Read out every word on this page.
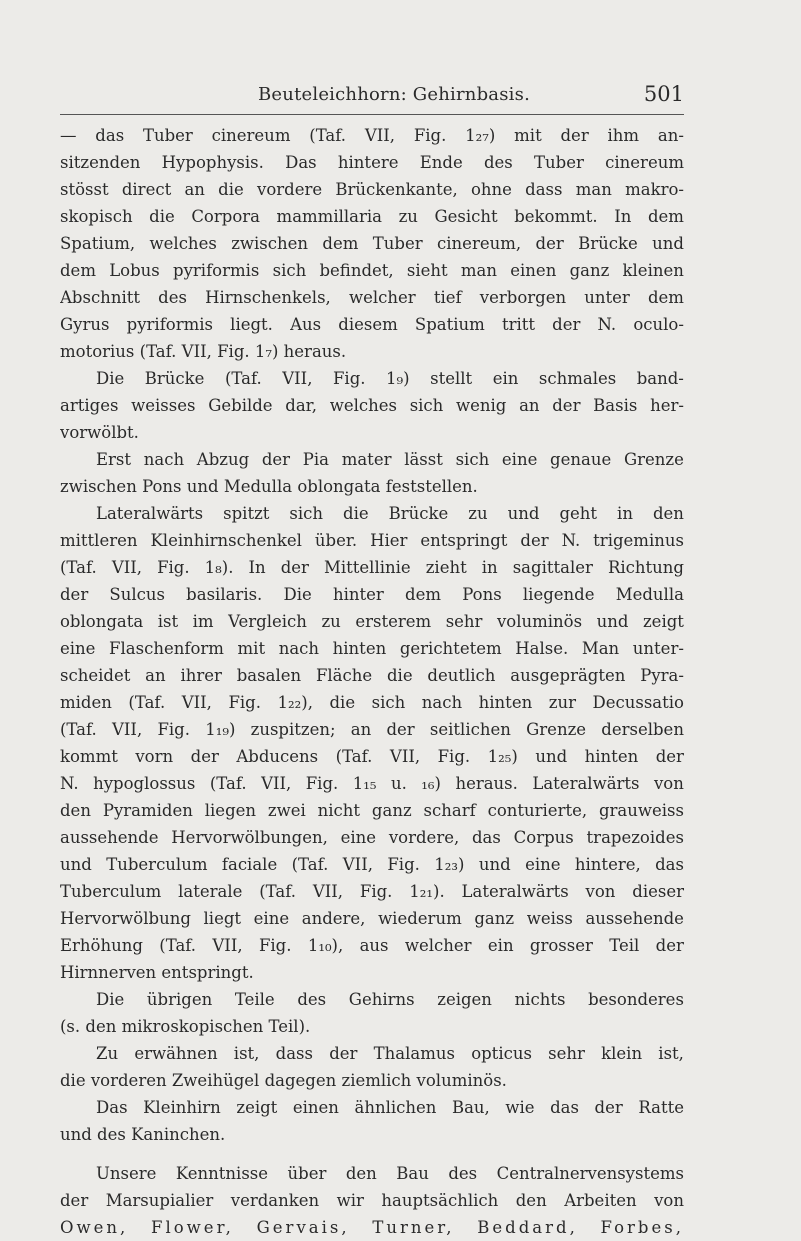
Beuteleichhorn: Gehirnbasis.	501
— das Tuber cinereum (Taf. VII, Fig. 1₂₇) mit der ihm an-
sitzenden Hypophysis. Das hintere Ende des Tuber cinereum
stösst direct an die vordere Brückenkante, ohne dass man makro-
skopisch die Corpora mammillaria zu Gesicht bekommt. In dem
Spatium, welches zwischen dem Tuber cinereum, der Brücke und
dem Lobus pyriformis sich befindet, sieht man einen ganz kleinen
Abschnitt des Hirnschenkels, welcher tief verborgen unter dem
Gyrus pyriformis liegt. Aus diesem Spatium tritt der N. oculo-
motorius (Taf. VII, Fig. 1₇) heraus.
Die Brücke (Taf. VII, Fig. 1₉) stellt ein schmales band-
artiges weisses Gebilde dar, welches sich wenig an der Basis her-
vorwölbt.
Erst nach Abzug der Pia mater lässt sich eine genaue Grenze
zwischen Pons und Medulla oblongata feststellen.
Lateralwärts spitzt sich die Brücke zu und geht in den
mittleren Kleinhirnschenkel über. Hier entspringt der N. trigeminus
(Taf. VII, Fig. 1₈). In der Mittellinie zieht in sagittaler Richtung
der Sulcus basilaris. Die hinter dem Pons liegende Medulla
oblongata ist im Vergleich zu ersterem sehr voluminös und zeigt
eine Flaschenform mit nach hinten gerichtetem Halse. Man unter-
scheidet an ihrer basalen Fläche die deutlich ausgeprägten Pyra-
miden (Taf. VII, Fig. 1₂₂), die sich nach hinten zur Decussatio
(Taf. VII, Fig. 1₁₉) zuspitzen; an der seitlichen Grenze derselben
kommt vorn der Abducens (Taf. VII, Fig. 1₂₅) und hinten der
N. hypoglossus (Taf. VII, Fig. 1₁₅ u. ₁₆) heraus. Lateralwärts von
den Pyramiden liegen zwei nicht ganz scharf conturierte, grauweiss
aussehende Hervorwölbungen, eine vordere, das Corpus trapezoides
und Tuberculum faciale (Taf. VII, Fig. 1₂₃) und eine hintere, das
Tuberculum laterale (Taf. VII, Fig. 1₂₁). Lateralwärts von dieser
Hervorwölbung liegt eine andere, wiederum ganz weiss aussehende
Erhöhung (Taf. VII, Fig. 1₁₀), aus welcher ein grosser Teil der
Hirnnerven entspringt.
Die übrigen Teile des Gehirns zeigen nichts besonderes
(s. den mikroskopischen Teil).
Zu erwähnen ist, dass der Thalamus opticus sehr klein ist,
die vorderen Zweihügel dagegen ziemlich voluminös.
Das Kleinhirn zeigt einen ähnlichen Bau, wie das der Ratte
und des Kaninchen.
Unsere Kenntnisse über den Bau des Centralnervensystems
der Marsupialier verdanken wir hauptsächlich den Arbeiten von
Owen, Flower, Gervais, Turner, Beddard, Forbes,
